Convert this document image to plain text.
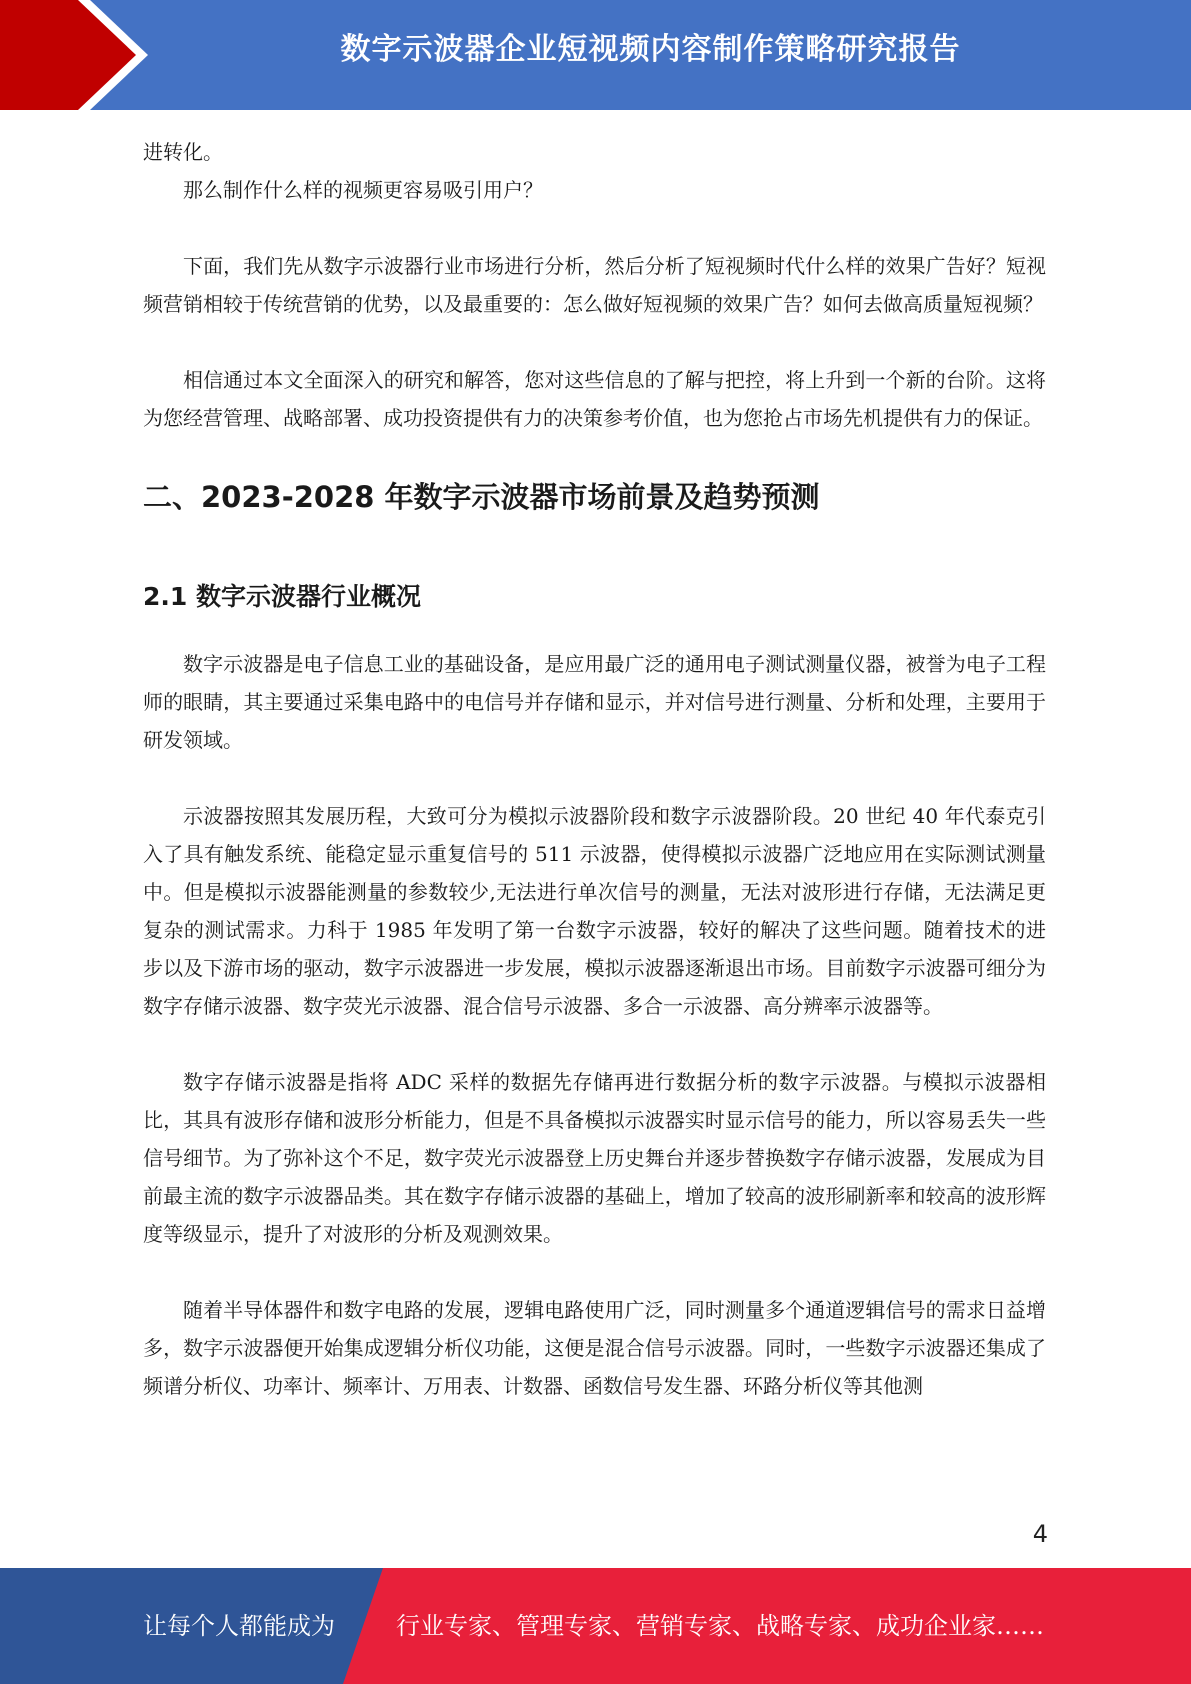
数字示波器企业短视频内容制作策略研究报告

进转化。

那么制作什么样的视频更容易吸引用户？

下面，我们先从数字示波器行业市场进行分析，然后分析了短视频时代什么样的效果广告好？短视频营销相较于传统营销的优势，以及最重要的：怎么做好短视频的效果广告？如何去做高质量短视频？

相信通过本文全面深入的研究和解答，您对这些信息的了解与把控，将上升到一个新的台阶。这将为您经营管理、战略部署、成功投资提供有力的决策参考价值，也为您抢占市场先机提供有力的保证。

二、2023-2028 年数字示波器市场前景及趋势预测
2.1 数字示波器行业概况

数字示波器是电子信息工业的基础设备，是应用最广泛的通用电子测试测量仪器，被誉为电子工程师的眼睛，其主要通过采集电路中的电信号并存储和显示，并对信号进行测量、分析和处理，主要用于研发领域。

示波器按照其发展历程，大致可分为模拟示波器阶段和数字示波器阶段。20 世纪 40 年代泰克引入了具有触发系统、能稳定显示重复信号的 511 示波器，使得模拟示波器广泛地应用在实际测试测量中。但是模拟示波器能测量的参数较少,无法进行单次信号的测量，无法对波形进行存储，无法满足更复杂的测试需求。力科于 1985 年发明了第一台数字示波器，较好的解决了这些问题。随着技术的进步以及下游市场的驱动，数字示波器进一步发展，模拟示波器逐渐退出市场。目前数字示波器可细分为数字存储示波器、数字荧光示波器、混合信号示波器、多合一示波器、高分辨率示波器等。

数字存储示波器是指将 ADC 采样的数据先存储再进行数据分析的数字示波器。与模拟示波器相比，其具有波形存储和波形分析能力，但是不具备模拟示波器实时显示信号的能力，所以容易丢失一些信号细节。为了弥补这个不足，数字荧光示波器登上历史舞台并逐步替换数字存储示波器，发展成为目前最主流的数字示波器品类。其在数字存储示波器的基础上，增加了较高的波形刷新率和较高的波形辉度等级显示，提升了对波形的分析及观测效果。

随着半导体器件和数字电路的发展，逻辑电路使用广泛，同时测量多个通道逻辑信号的需求日益增多，数字示波器便开始集成逻辑分析仪功能，这便是混合信号示波器。同时，一些数字示波器还集成了频谱分析仪、功率计、频率计、万用表、计数器、函数信号发生器、环路分析仪等其他测

4
让每个人都能成为	行业专家、管理专家、营销专家、战略专家、成功企业家……
